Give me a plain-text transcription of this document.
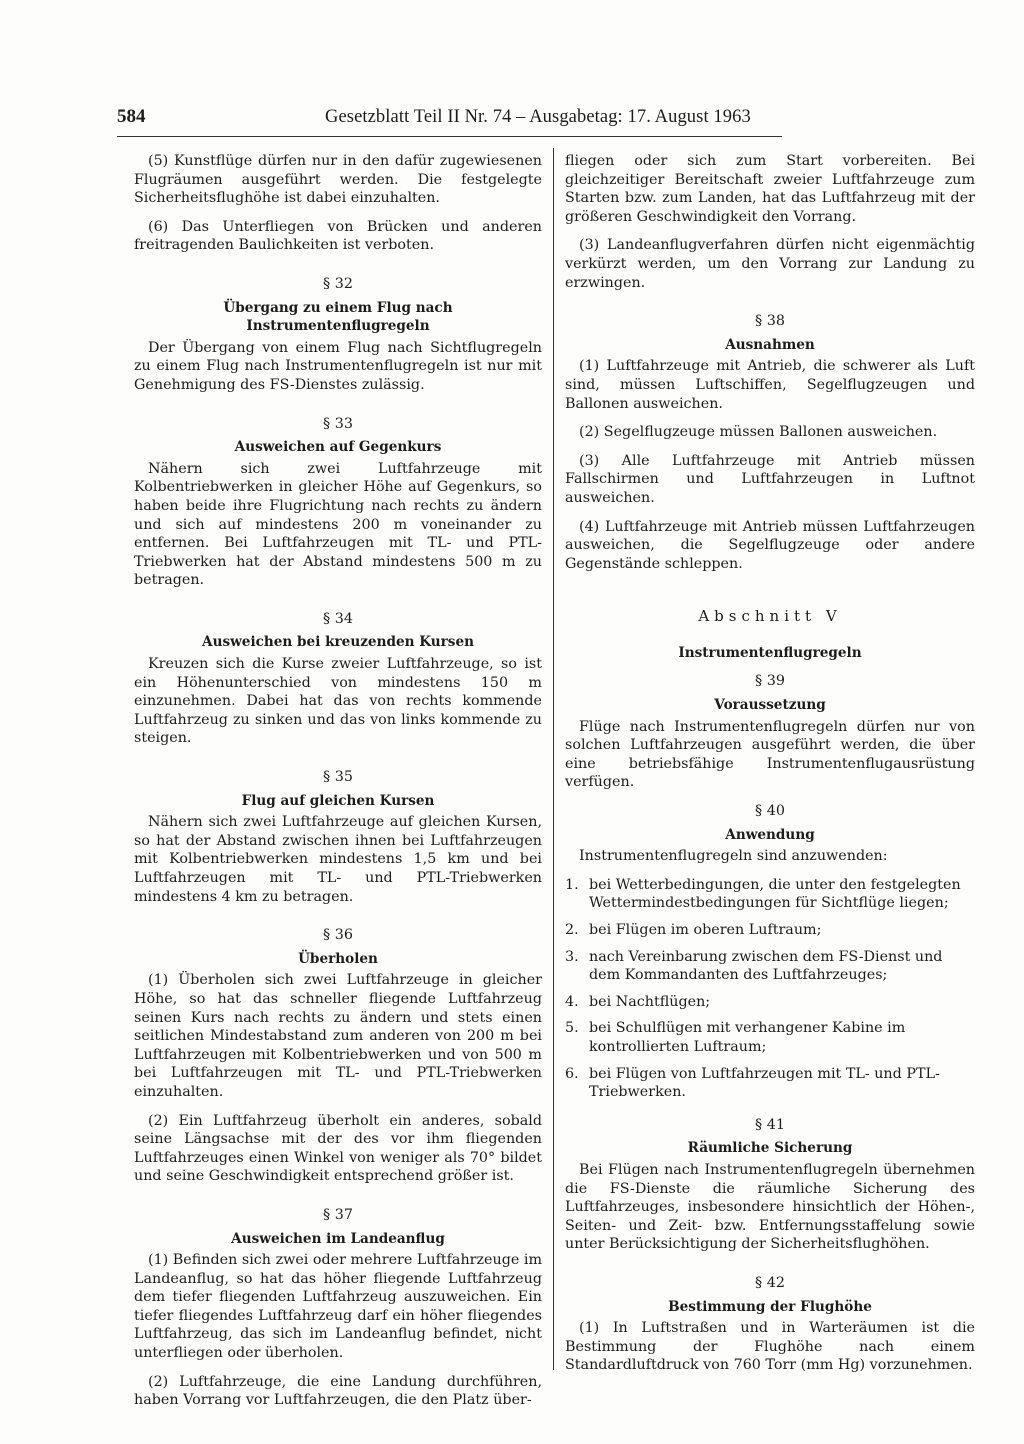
584	Gesetzblatt Teil II Nr. 74 – Ausgabetag: 17. August 1963

(5) Kunstflüge dürfen nur in den dafür zugewiesenen Flugräumen ausgeführt werden. Die festgelegte Sicherheitsflughöhe ist dabei einzuhalten.

(6) Das Unterfliegen von Brücken und anderen freitragenden Baulichkeiten ist verboten.

§ 32
Übergang zu einem Flug nach Instrumentenflugregeln

Der Übergang von einem Flug nach Sichtflugregeln zu einem Flug nach Instrumentenflugregeln ist nur mit Genehmigung des FS-Dienstes zulässig.

§ 33
Ausweichen auf Gegenkurs

Nähern sich zwei Luftfahrzeuge mit Kolbentriebwerken in gleicher Höhe auf Gegenkurs, so haben beide ihre Flugrichtung nach rechts zu ändern und sich auf mindestens 200 m voneinander zu entfernen. Bei Luftfahrzeugen mit TL- und PTL-Triebwerken hat der Abstand mindestens 500 m zu betragen.

§ 34
Ausweichen bei kreuzenden Kursen

Kreuzen sich die Kurse zweier Luftfahrzeuge, so ist ein Höhenunterschied von mindestens 150 m einzunehmen. Dabei hat das von rechts kommende Luftfahrzeug zu sinken und das von links kommende zu steigen.

§ 35
Flug auf gleichen Kursen

Nähern sich zwei Luftfahrzeuge auf gleichen Kursen, so hat der Abstand zwischen ihnen bei Luftfahrzeugen mit Kolbentriebwerken mindestens 1,5 km und bei Luftfahrzeugen mit TL- und PTL-Triebwerken mindestens 4 km zu betragen.

§ 36
Überholen

(1) Überholen sich zwei Luftfahrzeuge in gleicher Höhe, so hat das schneller fliegende Luftfahrzeug seinen Kurs nach rechts zu ändern und stets einen seitlichen Mindestabstand zum anderen von 200 m bei Luftfahrzeugen mit Kolbentriebwerken und von 500 m bei Luftfahrzeugen mit TL- und PTL-Triebwerken einzuhalten.

(2) Ein Luftfahrzeug überholt ein anderes, sobald seine Längsachse mit der des vor ihm fliegenden Luftfahrzeuges einen Winkel von weniger als 70° bildet und seine Geschwindigkeit entsprechend größer ist.

§ 37
Ausweichen im Landeanflug

(1) Befinden sich zwei oder mehrere Luftfahrzeuge im Landeanflug, so hat das höher fliegende Luftfahrzeug dem tiefer fliegenden Luftfahrzeug auszuweichen. Ein tiefer fliegendes Luftfahrzeug darf ein höher fliegendes Luftfahrzeug, das sich im Landeanflug befindet, nicht unterfliegen oder überholen.

(2) Luftfahrzeuge, die eine Landung durchführen, haben Vorrang vor Luftfahrzeugen, die den Platz über-

fliegen oder sich zum Start vorbereiten. Bei gleichzeitiger Bereitschaft zweier Luftfahrzeuge zum Starten bzw. zum Landen, hat das Luftfahrzeug mit der größeren Geschwindigkeit den Vorrang.

(3) Landeanflugverfahren dürfen nicht eigenmächtig verkürzt werden, um den Vorrang zur Landung zu erzwingen.

§ 38
Ausnahmen

(1) Luftfahrzeuge mit Antrieb, die schwerer als Luft sind, müssen Luftschiffen, Segelflugzeugen und Ballonen ausweichen.

(2) Segelflugzeuge müssen Ballonen ausweichen.

(3) Alle Luftfahrzeuge mit Antrieb müssen Fallschirmen und Luftfahrzeugen in Luftnot ausweichen.

(4) Luftfahrzeuge mit Antrieb müssen Luftfahrzeugen ausweichen, die Segelflugzeuge oder andere Gegenstände schleppen.

Abschnitt V
Instrumentenflugregeln
§ 39
Voraussetzung

Flüge nach Instrumentenflugregeln dürfen nur von solchen Luftfahrzeugen ausgeführt werden, die über eine betriebsfähige Instrumentenflugausrüstung verfügen.

§ 40
Anwendung

Instrumentenflugregeln sind anzuwenden:

1. bei Wetterbedingungen, die unter den festgelegten Wettermindestbedingungen für Sichtflüge liegen;
2. bei Flügen im oberen Luftraum;
3. nach Vereinbarung zwischen dem FS-Dienst und dem Kommandanten des Luftfahrzeuges;
4. bei Nachtflügen;
5. bei Schulflügen mit verhangener Kabine im kontrollierten Luftraum;
6. bei Flügen von Luftfahrzeugen mit TL- und PTL-Triebwerken.
§ 41
Räumliche Sicherung

Bei Flügen nach Instrumentenflugregeln übernehmen die FS-Dienste die räumliche Sicherung des Luftfahrzeuges, insbesondere hinsichtlich der Höhen-, Seiten- und Zeit- bzw. Entfernungsstaffelung sowie unter Berücksichtigung der Sicherheitsflughöhen.

§ 42
Bestimmung der Flughöhe

(1) In Luftstraßen und in Warteräumen ist die Bestimmung der Flughöhe nach einem Standardluftdruck von 760 Torr (mm Hg) vorzunehmen.
